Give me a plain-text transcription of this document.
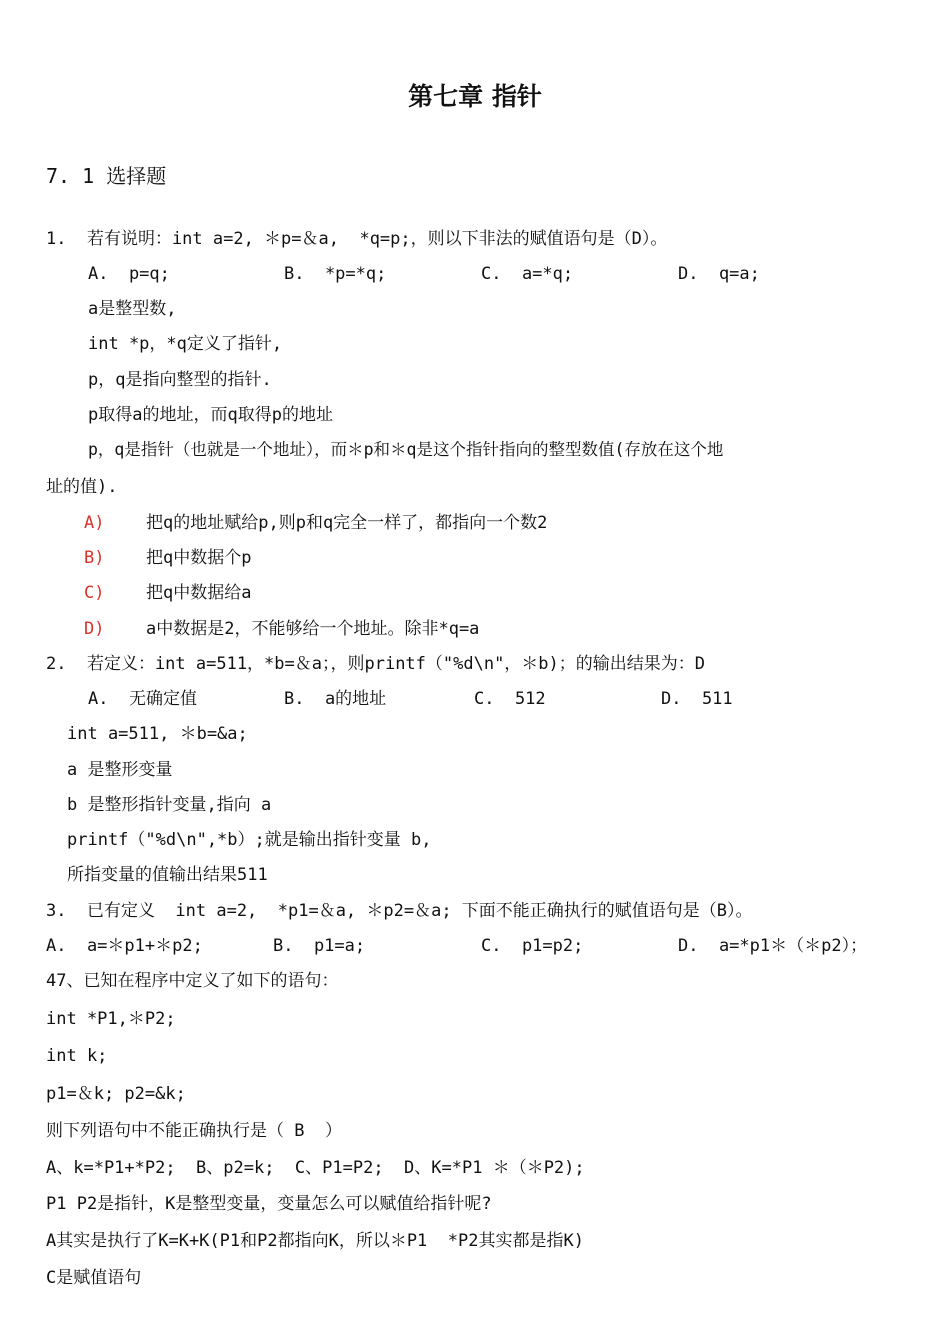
第七章 指针
7. 1 选择题
1.  若有说明：int a=2, ＊p=＆a,  *q=p;，则以下非法的赋值语句是（D）。
A.  p=q;	B.  *p=*q;	C.  a=*q;	D.  q=a;
a是整型数,
int *p，*q定义了指针,
p，q是指向整型的指针.
p取得a的地址，而q取得p的地址
p，q是指针（也就是一个地址），而＊p和＊q是这个指针指向的整型数值(存放在这个地
址的值).
A) 把q的地址赋给p,则p和q完全一样了，都指向一个数2
B) 把q中数据个p
C) 把q中数据给a
D) a中数据是2，不能够给一个地址。除非*q=a
2.  若定义：int a=511，*b=＆a；，则printf（"%d\n"，＊b)；的输出结果为：D
A.  无确定值	B.  a的地址	C.  512	D.  511
int a=511, ＊b=&a;
a 是整形变量
b 是整形指针变量,指向 a
printf（"%d\n",*b）;就是输出指针变量 b,
所指变量的值输出结果511
3.  已有定义  int a=2,  *p1=＆a, ＊p2=＆a; 下面不能正确执行的赋值语句是（B）。
A.  a=＊p1+＊p2;	B.  p1=a;	C.  p1=p2;	D.  a=*p1＊（＊p2）；
47、已知在程序中定义了如下的语句：
int *P1,＊P2;
int k;
p1=＆k; p2=&k;
则下列语句中不能正确执行是（ B  ）
A、k=*P1+*P2;  B、p2=k;  C、P1=P2;  D、K=*P1 ＊（＊P2);
P1 P2是指针，K是整型变量，变量怎么可以赋值给指针呢?
A其实是执行了K=K+K(P1和P2都指向K，所以＊P1  *P2其实都是指K)
C是赋值语句
